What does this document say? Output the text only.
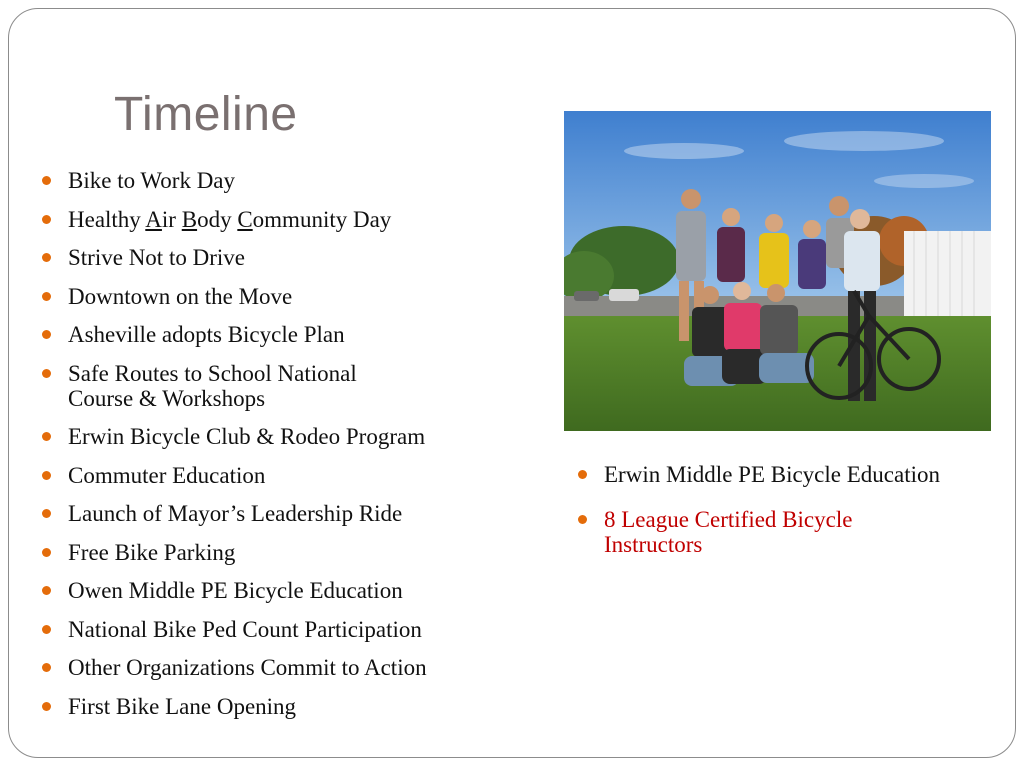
Timeline
Bike to Work Day
Healthy Air Body Community Day
Strive Not to Drive
Downtown on the Move
Asheville adopts Bicycle Plan
Safe Routes to School National
Course & Workshops
Erwin Bicycle Club & Rodeo Program
Commuter Education
Launch of Mayor’s Leadership Ride
Free Bike Parking
Owen Middle PE Bicycle Education
National Bike Ped Count Participation
Other Organizations Commit to Action
First Bike Lane Opening
Erwin Middle PE Bicycle Education
8 League Certified Bicycle
Instructors
